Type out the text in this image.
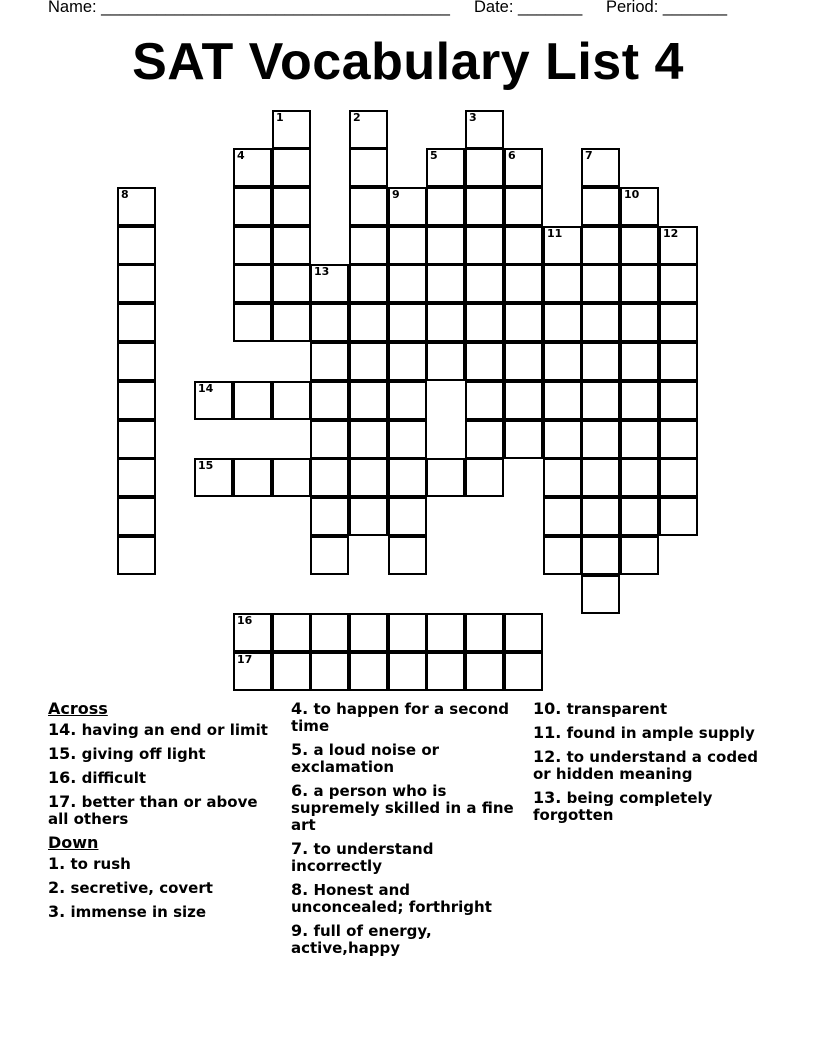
Name: ______________________________________ Date: _______ Period: _______
SAT Vocabulary List 4
1	2	3
4	5	6	7
8	9	10
11	12
13
14
15
16
17
Across
14. having an end or limit
15. giving off light
16. difficult
17. better than or above all others
Down
1. to rush
2. secretive, covert
3. immense in size
4. to happen for a second time
5. a loud noise or exclamation
6. a person who is supremely skilled in a fine art
7. to understand incorrectly
8. Honest and unconcealed; forthright
9. full of energy, active,happy
10. transparent
11. found in ample supply
12. to understand a coded or hidden meaning
13. being completely forgotten
